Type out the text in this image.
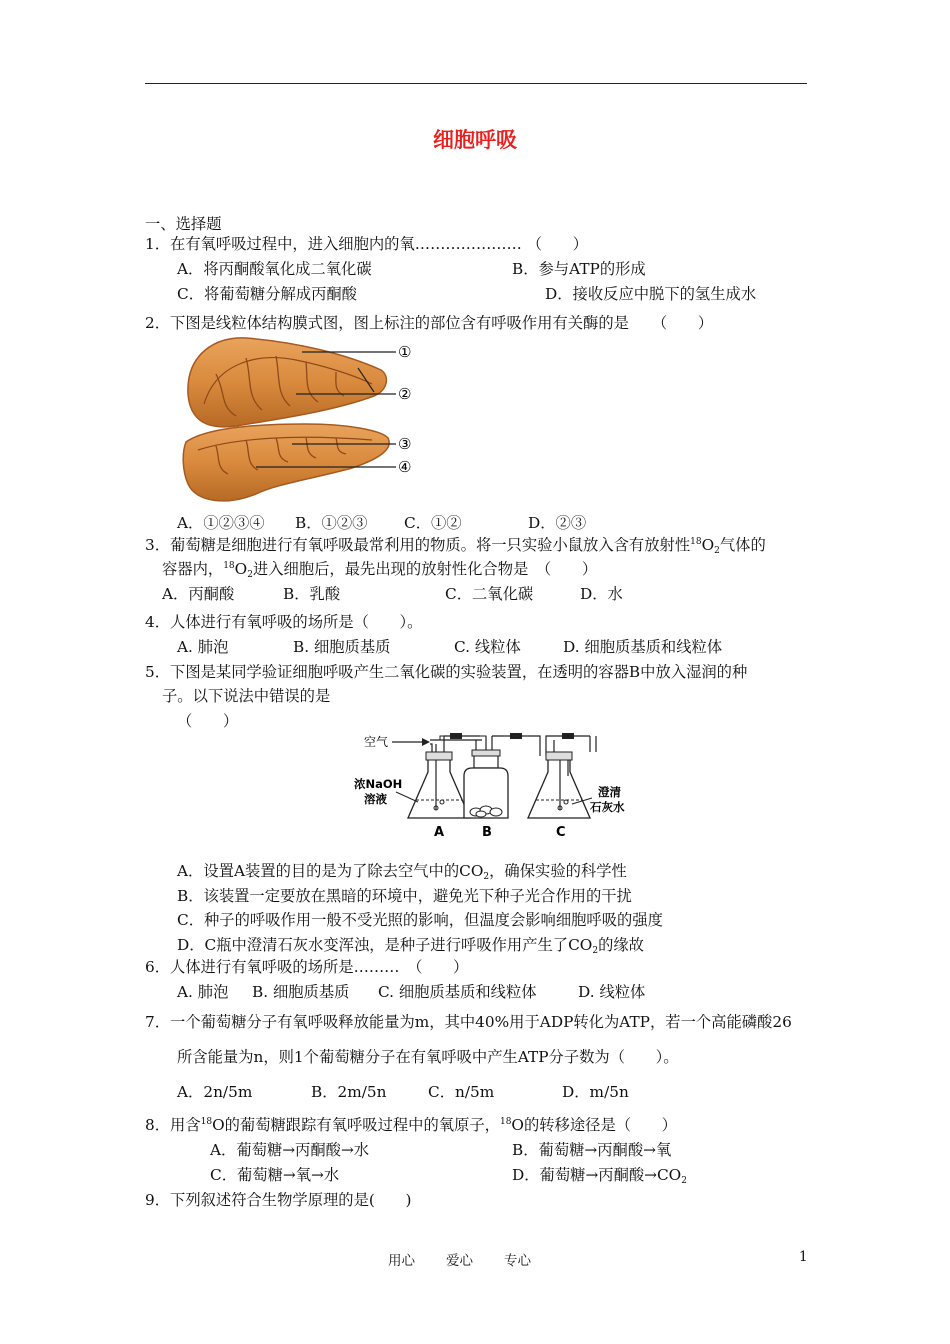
细胞呼吸
一、选择题
1．在有氧呼吸过程中，进入细胞内的氧………………… （　　）
A．将丙酮酸氧化成二氧化碳	B．参与ATP的形成
C．将葡萄糖分解成丙酮酸	D．接收反应中脱下的氢生成水
2．下图是线粒体结构膜式图，图上标注的部位含有呼吸作用有关酶的是　　（　　）
①
②
③
④
A．①②③④ B．①②③ C．①②	D．②③
3．葡萄糖是细胞进行有氧呼吸最常利用的物质。将一只实验小鼠放入含有放射性$^{18}O_2$气体的
容器内，$^{18}O_2$进入细胞后，最先出现的放射性化合物是　（　　）
A．丙酮酸	B．乳酸	C．二氧化碳	D．水
4．人体进行有氧呼吸的场所是（　　）。
A. 肺泡	B. 细胞质基质	C. 线粒体	D. 细胞质基质和线粒体
5．下图是某同学验证细胞呼吸产生二氧化碳的实验装置，在透明的容器B中放入湿润的种
子。以下说法中错误的是
（　　）
空气
浓NaOH
溶液
A	B
澄清
石灰水
C
A．设置A装置的目的是为了除去空气中的$CO_2$，确保实验的科学性
B．该装置一定要放在黑暗的环境中，避免光下种子光合作用的干扰
C．种子的呼吸作用一般不受光照的影响，但温度会影响细胞呼吸的强度
D．C瓶中澄清石灰水变浑浊，是种子进行呼吸作用产生了$CO_2$的缘故
6．人体进行有氧呼吸的场所是………　（　　）
A. 肺泡 B. 细胞质基质 C. 细胞质基质和线粒体	D. 线粒体
7．一个葡萄糖分子有氧呼吸释放能量为m，其中40%用于ADP转化为ATP，若一个高能磷酸26
所含能量为n，则1个葡萄糖分子在有氧呼吸中产生ATP分子数为（　　）。
A．2n/5m	B．2m/5n	C．n/5m	D．m/5n
8．用含$^{18}$O的葡萄糖跟踪有氧呼吸过程中的氧原子，$^{18}$O的转移途径是（　　）
A．葡萄糖→丙酮酸→水	B．葡萄糖→丙酮酸→氧
C．葡萄糖→氧→水	D．葡萄糖→丙酮酸$\to CO_2$
9．下列叙述符合生物学原理的是(　　)
用心 爱心 专心	1
